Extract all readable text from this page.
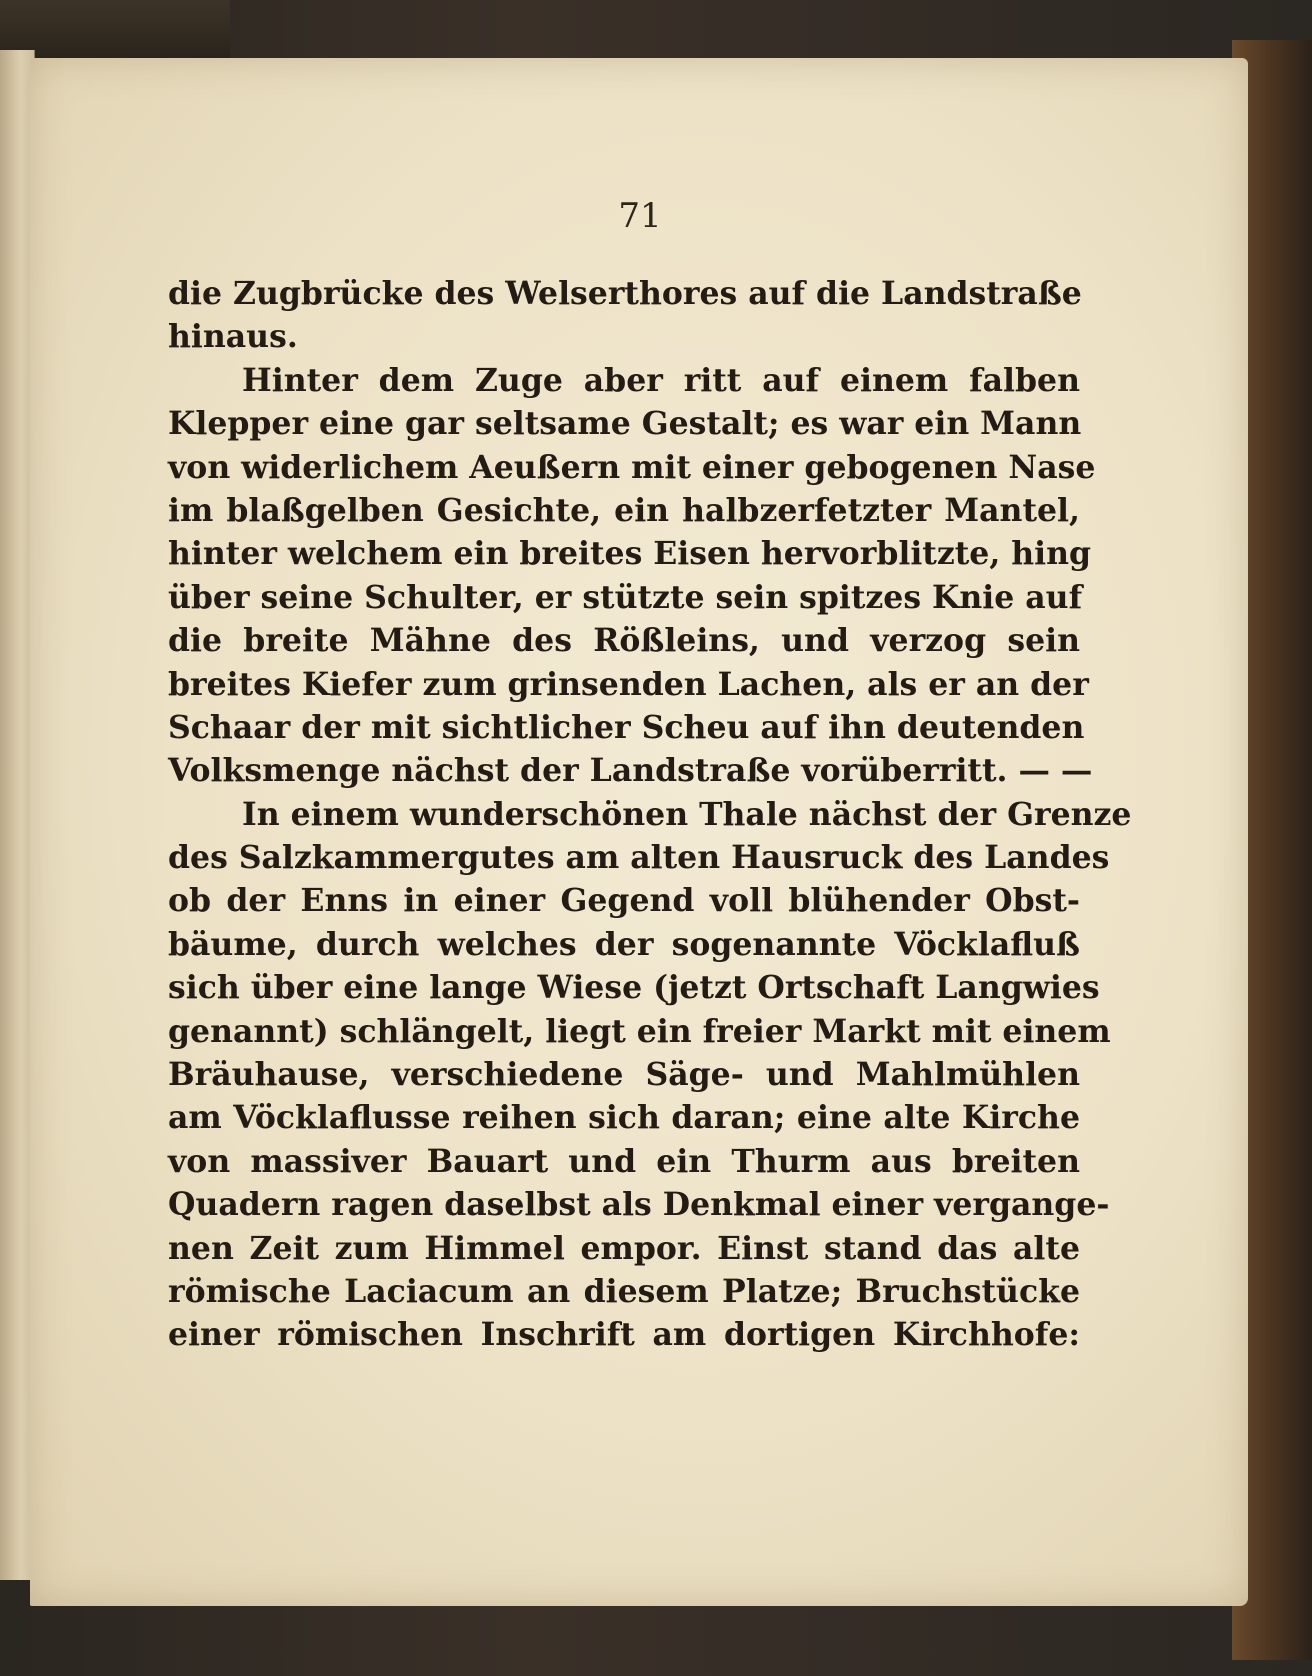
71
die Zugbrücke des Welserthores auf die Landstraße
hinaus.
Hinter dem Zuge aber ritt auf einem falben
Klepper eine gar seltsame Gestalt; es war ein Mann
von widerlichem Aeußern mit einer gebogenen Nase
im blaßgelben Gesichte, ein halbzerfetzter Mantel,
hinter welchem ein breites Eisen hervorblitzte, hing
über seine Schulter, er stützte sein spitzes Knie auf
die breite Mähne des Rößleins, und verzog sein
breites Kiefer zum grinsenden Lachen, als er an der
Schaar der mit sichtlicher Scheu auf ihn deutenden
Volksmenge nächst der Landstraße vorüberritt. — —
In einem wunderschönen Thale nächst der Grenze
des Salzkammergutes am alten Hausruck des Landes
ob der Enns in einer Gegend voll blühender Obst-
bäume, durch welches der sogenannte Vöcklafluß
sich über eine lange Wiese (jetzt Ortschaft Langwies
genannt) schlängelt, liegt ein freier Markt mit einem
Bräuhause, verschiedene Säge- und Mahlmühlen
am Vöcklaflusse reihen sich daran; eine alte Kirche
von massiver Bauart und ein Thurm aus breiten
Quadern ragen daselbst als Denkmal einer vergange-
nen Zeit zum Himmel empor. Einst stand das alte
römische Laciacum an diesem Platze; Bruchstücke
einer römischen Inschrift am dortigen Kirchhofe:
